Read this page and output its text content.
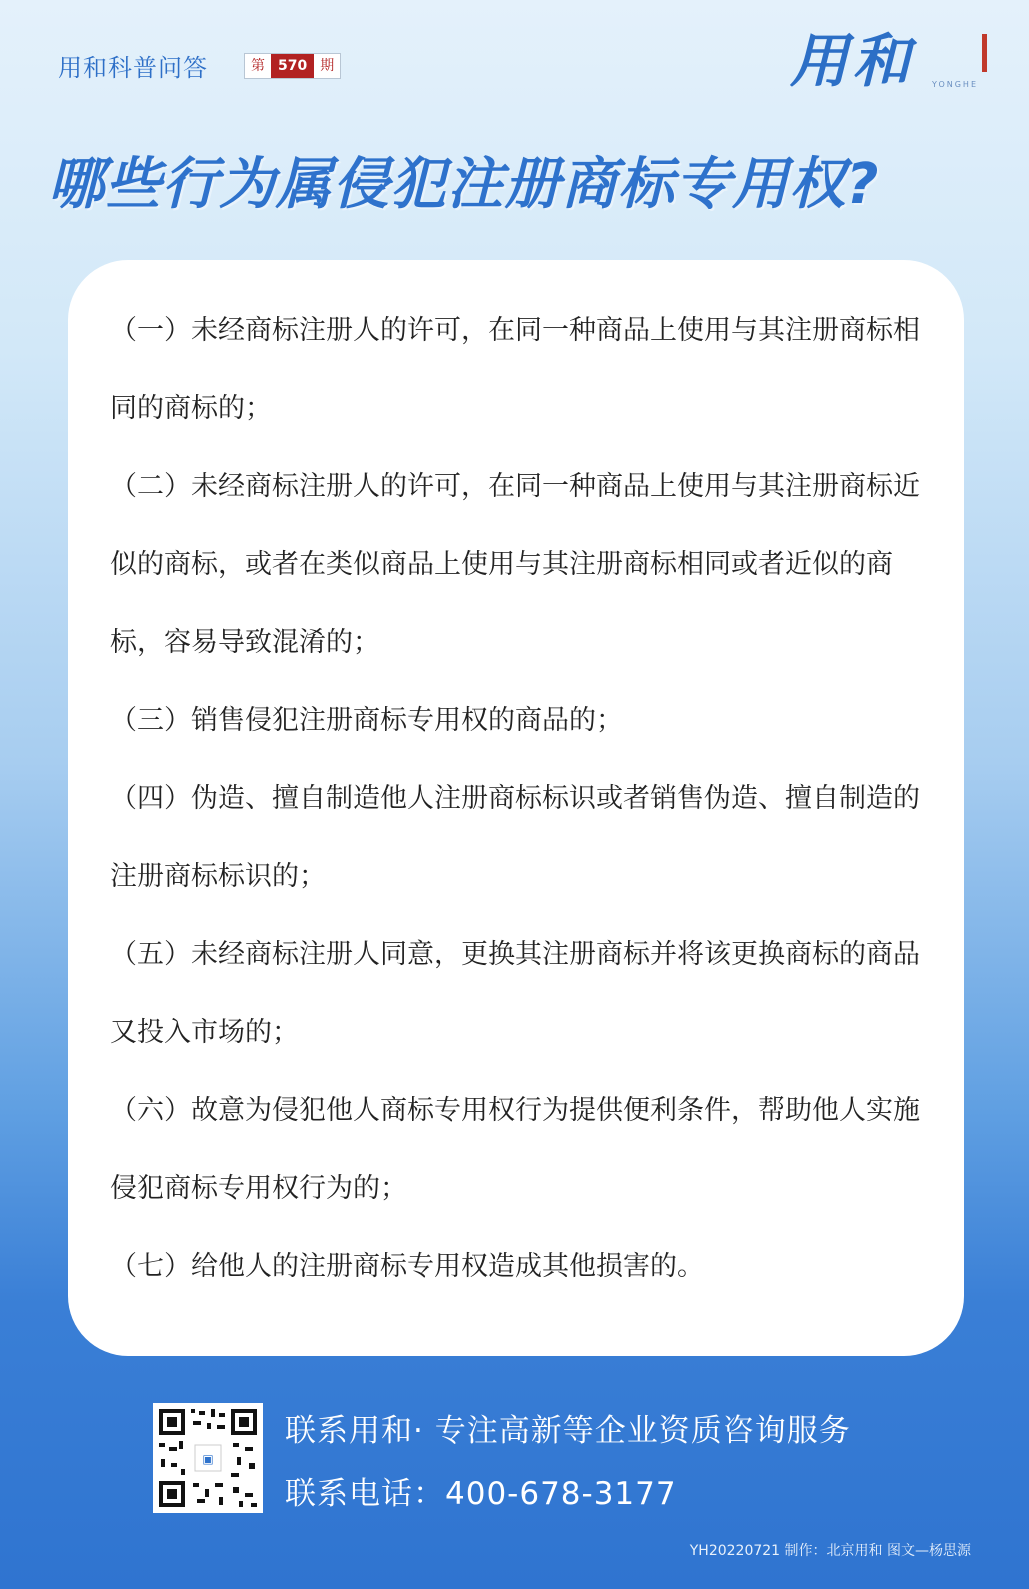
用和科普问答	第 570 期	用和	YONGHE
哪些行为属侵犯注册商标专用权?
（一）未经商标注册人的许可，在同一种商品上使用与其注册商标相同的商标的；
（二）未经商标注册人的许可，在同一种商品上使用与其注册商标近似的商标，或者在类似商品上使用与其注册商标相同或者近似的商标，容易导致混淆的；
（三）销售侵犯注册商标专用权的商品的；
（四）伪造、擅自制造他人注册商标标识或者销售伪造、擅自制造的注册商标标识的；
（五）未经商标注册人同意，更换其注册商标并将该更换商标的商品又投入市场的；
（六）故意为侵犯他人商标专用权行为提供便利条件，帮助他人实施侵犯商标专用权行为的；
（七）给他人的注册商标专用权造成其他损害的。
▣
联系用和· 专注高新等企业资质咨询服务
联系电话：400-678-3177
YH20220721 制作：北京用和 图文—杨思源
